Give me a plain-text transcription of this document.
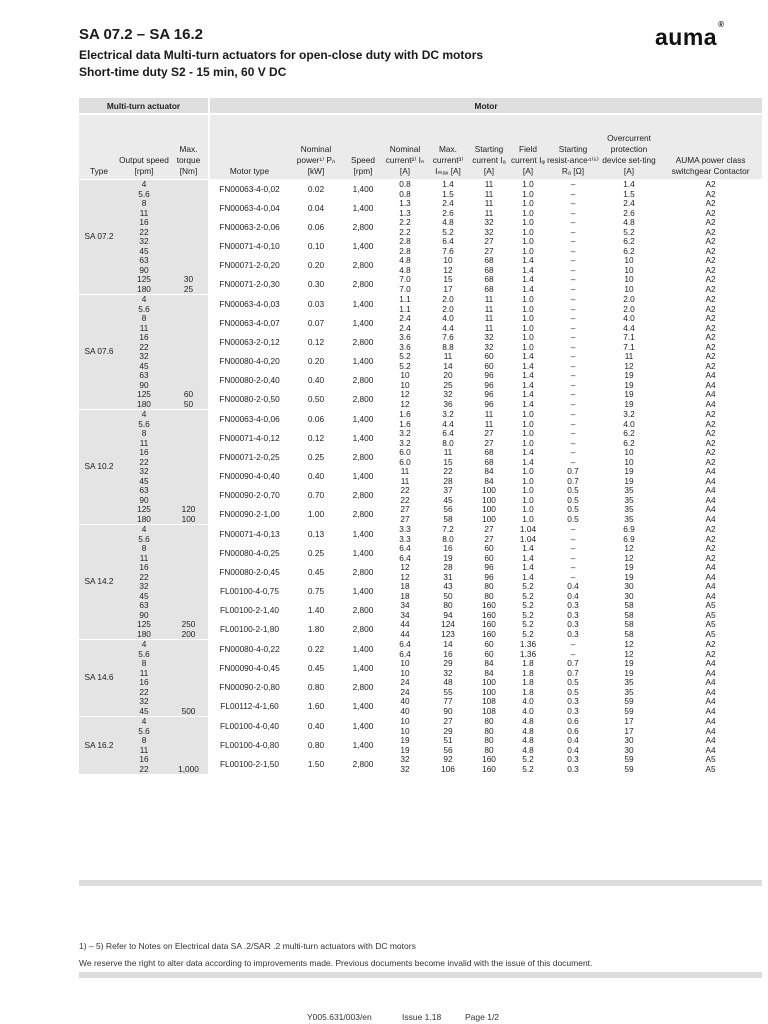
SA 07.2 – SA 16.2
Electrical data Multi-turn actuators for open-close duty with DC motors
Short-time duty S2 - 15 min, 60 V DC
auma®
Multi-turn actuator			Motor									
Type	Output speed [rpm]	Max. torque [Nm]	Motor type	Nominal power¹⁾ Pₙ [kW]	Speed [rpm]	Nominal current²⁾ Iₙ [A]	Max. current³⁾ Iₘₐₓ [A]	Starting current Iₐ [A]	Field current Iᵩ [A]	Starting resist-ance⁴⁾⁵⁾ Rₐ [Ω]	Overcurrent protection device set-ting [A]	AUMA power class switchgear Contactor
SA 07.2	4	30	FN00063-4-0,02	0.02	1,400	0.8	1.4	11	1.0	–	1.4	A2
	5.6					0.8	1.5	11	1.0	–	1.5	A2
	8		FN00063-4-0,04	0.04	1,400	1.3	2.4	11	1.0	–	2.4	A2
	11					1.3	2.6	11	1.0	–	2.6	A2
	16		FN00063-2-0,06	0.06	2,800	2.2	4.8	32	1.0	–	4.8	A2
	22					2.2	5.2	32	1.0	–	5.2	A2
	32		FN00071-4-0,10	0.10	1,400	2.8	6.4	27	1.0	–	6.2	A2
	45					2.8	7.6	27	1.0	–	6.2	A2
	63		FN00071-2-0,20	0.20	2,800	4.8	10	68	1.4	–	10	A2
	90					4.8	12	68	1.4	–	10	A2
	125		FN00071-2-0,30	0.30	2,800	7.0	15	68	1.4	–	10	A2
	180	25				7.0	17	68	1.4	–	10	A2
SA 07.6	4	60	FN00063-4-0,03	0.03	1,400	1.1	2.0	11	1.0	–	2.0	A2
	5.6					1.1	2.0	11	1.0	–	2.0	A2
	8		FN00063-4-0,07	0.07	1,400	2.4	4.0	11	1.0	–	4.0	A2
	11					2.4	4.4	11	1.0	–	4.4	A2
	16		FN00063-2-0,12	0.12	2,800	3.6	7.6	32	1.0	–	7.1	A2
	22					3.6	8.8	32	1.0	–	7.1	A2
	32		FN00080-4-0,20	0.20	1,400	5.2	11	60	1.4	–	11	A2
	45					5.2	14	60	1.4	–	12	A2
	63		FN00080-2-0,40	0.40	2,800	10	20	96	1.4	–	19	A4
	90					10	25	96	1.4	–	19	A4
	125		FN00080-2-0,50	0.50	2,800	12	32	96	1.4	–	19	A4
	180	50				12	36	96	1.4	–	19	A4
SA 10.2	4	120	FN00063-4-0,06	0.06	1,400	1.6	3.2	11	1.0	–	3.2	A2
	5.6					1.6	4.4	11	1.0	–	4.0	A2
	8		FN00071-4-0,12	0.12	1,400	3.2	6.4	27	1.0	–	6.2	A2
	11					3.2	8.0	27	1.0	–	6.2	A2
	16		FN00071-2-0,25	0.25	2,800	6.0	11	68	1.4	–	10	A2
	22					6.0	15	68	1.4	–	10	A2
	32		FN00090-4-0,40	0.40	1,400	11	22	84	1.0	0.7	19	A4
	45					11	28	84	1.0	0.7	19	A4
	63		FN00090-2-0,70	0.70	2,800	22	37	100	1.0	0.5	35	A4
	90					22	45	100	1.0	0.5	35	A4
	125		FN00090-2-1,00	1.00	2,800	27	56	100	1.0	0.5	35	A4
	180	100				27	58	100	1.0	0.5	35	A4
SA 14.2	4	250	FN00071-4-0,13	0.13	1,400	3.3	7.2	27	1.04	–	6.9	A2
	5.6					3.3	8.0	27	1.04	–	6.9	A2
	8		FN00080-4-0,25	0.25	1,400	6.4	16	60	1.4	–	12	A2
	11					6.4	19	60	1.4	–	12	A2
	16		FN00080-2-0,45	0.45	2,800	12	28	96	1.4	–	19	A4
	22					12	31	96	1.4	–	19	A4
	32		FL00100-4-0,75	0.75	1,400	18	43	80	5.2	0.4	30	A4
	45					18	50	80	5.2	0.4	30	A4
	63		FL00100-2-1,40	1.40	2,800	34	80	160	5.2	0.3	58	A5
	90					34	94	160	5.2	0.3	58	A5
	125		FL00100-2-1,80	1.80	2,800	44	124	160	5.2	0.3	58	A5
	180	200				44	123	160	5.2	0.3	58	A5
SA 14.6	4	500	FN00080-4-0,22	0.22	1,400	6.4	14	60	1.36	–	12	A2
	5.6					6.4	16	60	1.36	–	12	A2
	8		FN00090-4-0,45	0.45	1,400	10	29	84	1.8	0.7	19	A4
	11					10	32	84	1.8	0.7	19	A4
	16		FN00090-2-0,80	0.80	2,800	24	48	100	1.8	0.5	35	A4
	22					24	55	100	1.8	0.5	35	A4
	32		FL00112-4-1,60	1.60	1,400	40	77	108	4.0	0.3	59	A4
	45					40	90	108	4.0	0.3	59	A4
SA 16.2	4	1,000	FL00100-4-0,40	0.40	1,400	10	27	80	4.8	0.6	17	A4
	5.6					10	29	80	4.8	0.6	17	A4
	8		FL00100-4-0,80	0.80	1,400	19	51	80	4.8	0.4	30	A4
	11					19	56	80	4.8	0.4	30	A4
	16		FL00100-2-1,50	1.50	2,800	32	92	160	5.2	0.3	59	A5
	22					32	106	160	5.2	0.3	59	A5
1) – 5) Refer to Notes on Electrical data SA .2/SAR .2 multi-turn actuators with DC motors
We reserve the right to alter data according to improvements made. Previous documents become invalid with the issue of this document.
Y005.631/003/en	Issue 1.18	Page 1/2
